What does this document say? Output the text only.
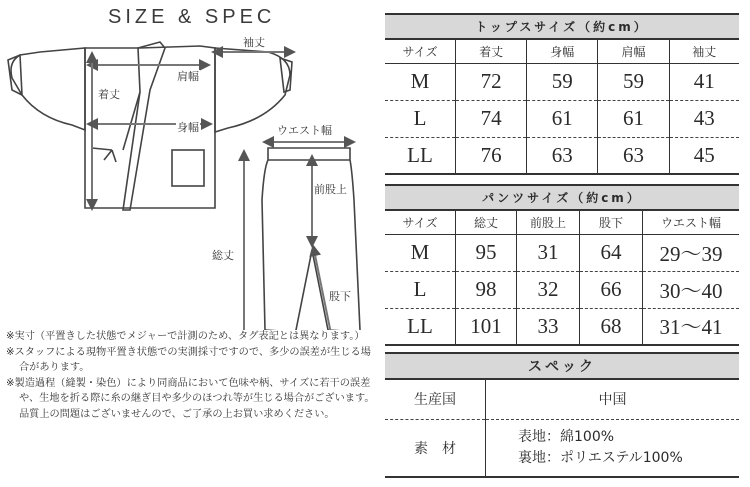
SIZE & SPEC
袖丈
肩幅
着丈
身幅	ウエスト幅
前股上
総丈
股下

※実寸（平置きした状態でメジャーで計測のため、タグ表記とは異なります。）

※スタッフによる現物平置き状態での実測採寸ですので、多少の誤差が生じる場合があります。

※製造過程（縫製・染色）により同商品において色味や柄、サイズに若干の誤差や、生地を折る際に糸の継ぎ目や多少のほつれ等が生じる場合がございます。品質上の問題はございませんので、ご了承の上お買い求めください。

トップスサイズ（約cm）				
サイズ	着丈	身幅	肩幅	袖丈
M	72	59	59	41
L	74	61	61	43
LL	76	63	63	45
パンツサイズ（約cm）				
サイズ	総丈	前股上	股下	ウエスト幅
M	95	31	64	29〜39
L	98	32	66	30〜40
LL	101	33	68	31〜41
スペック	
生産国	中国
素　材	表地：綿100%
裏地：ポリエステル100%
